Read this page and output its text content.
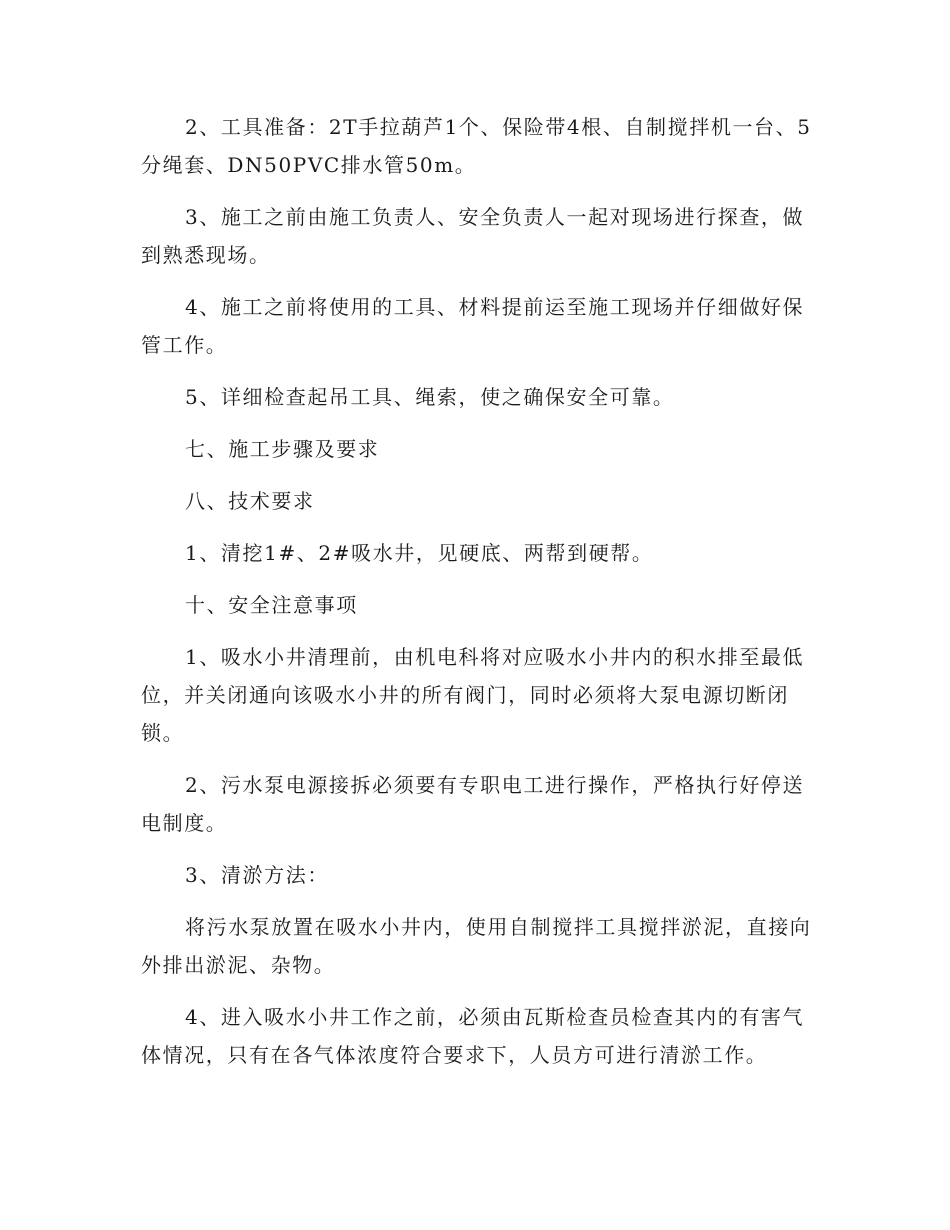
2、工具准备：2T手拉葫芦1个、保险带4根、自制搅拌机一台、5分绳套、DN50PVC排水管50m。

3、施工之前由施工负责人、安全负责人一起对现场进行探查，做到熟悉现场。

4、施工之前将使用的工具、材料提前运至施工现场并仔细做好保管工作。

5、详细检查起吊工具、绳索，使之确保安全可靠。

七、施工步骤及要求

八、技术要求

1、清挖1#、2#吸水井，见硬底、两帮到硬帮。

十、安全注意事项

1、吸水小井清理前，由机电科将对应吸水小井内的积水排至最低位，并关闭通向该吸水小井的所有阀门，同时必须将大泵电源切断闭锁。

2、污水泵电源接拆必须要有专职电工进行操作，严格执行好停送电制度。

3、清淤方法：

将污水泵放置在吸水小井内，使用自制搅拌工具搅拌淤泥，直接向外排出淤泥、杂物。

4、进入吸水小井工作之前，必须由瓦斯检查员检查其内的有害气体情况，只有在各气体浓度符合要求下，人员方可进行清淤工作。
